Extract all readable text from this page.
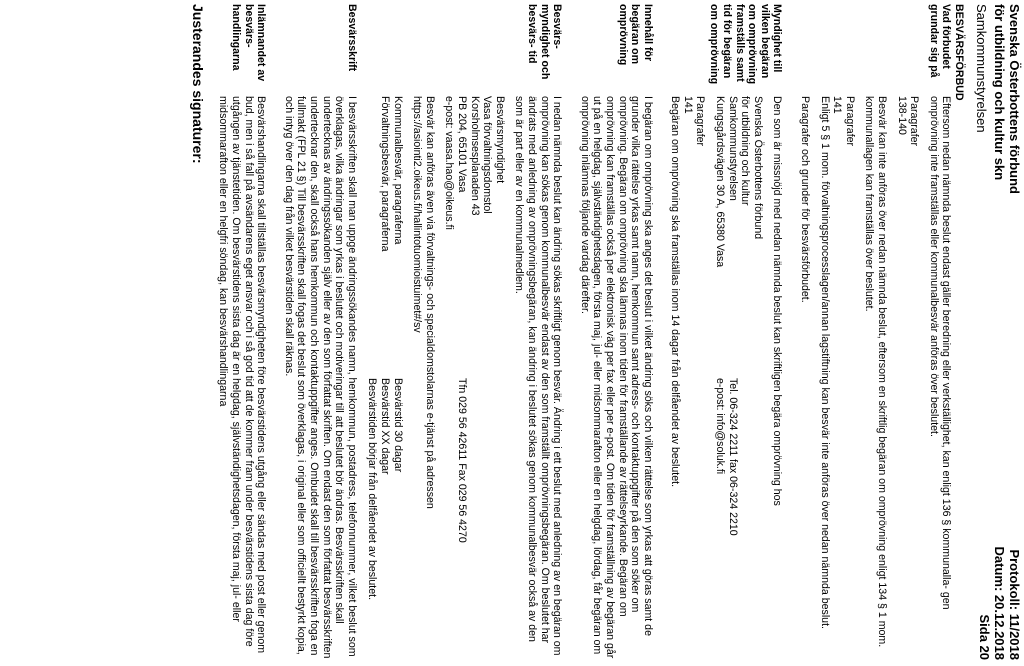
Svenska Österbottens förbund
för utbildning och kultur skn
Samkommunstyrelsen
Protokoll: 11/2018
Datum: 20.12.2018
Sida 20
BESVÄRSFÖRBUD
Vad förbudet grundar sig på

Eftersom nedan nämnda beslut endast gäller beredning eller verkställighet, kan enligt 136 § kommunalla- gen omprövning inte framställas eller kommunalbesvär anföras över beslutet.

Paragrafer

138-140

Besvär kan inte anföras över nedan nämnda beslut, eftersom en skriftlig begäran om omprövning enligt 134 § 1 mom. kommunallagen kan framställas över beslutet.

Paragrafer
141

Enligt 5 § 1 mom. förvaltningsprocesslagen/annan lagstiftning kan besvär inte anföras över nedan nämnda beslut.

Paragrafer och grunder för besvärsförbudet.

Myndighet till vilken begäran om omprövning framställs samt tid för begäran om omprövning

Den som är missnöjd med nedan nämnda beslut kan skriftligen begära omprövning hos

Svenska Österbottens förbund
för utbildning och kultur
Samkommunstyrelsen
Tel. 06-324 2211 fax 06-324 2210
Kungsgårdsvägen 30 A, 65380 Vasa
e-post: info@soluk.fi
Paragrafer
141

Begäran om omprövning ska framställas inom 14 dagar från delfåendet av beslutet.

Innehåll för begäran om omprövning

I begäran om omprövning ska anges det beslut i vilket ändring söks och vilken rättelse som yrkas att göras samt de grunder vilka rättelse yrkas samt namn, hemkommun samt adress- och kontaktuppgifter på den som söker om omprövning. Begäran om omprövning ska lämnas inom tiden för framställande av rättelseyrkande. Begäran om omprövning kan framställas också per elektronisk väg per fax eller per e-post. Om tiden för framställning av begäran går ut på en helgdag, självständighetsdagen, första maj, jul- eller midsommarafton eller en helgdag, lördag, får begäran om omprövning inlämnas följande vardag därefter.

Besvärs- myndighet och besvärs- tid

I nedan nämnda beslut kan ändring sökas skriftligt genom besvär. Ändring i ett beslut med anledning av en begäran om omprövning kan sökas genom kommunalbesvär endast av den som framställt omprövningsbegäran. Om beslutet har ändrats med anledning av omprövningsbegäran, kan ändring i beslutet sökas genom kommunalbesvär också av den som är part eller av en kommunalmedlem.

Besvärsmyndighet
Vasa förvaltningsdomstol
Korsholmsesplanaden 43
PB 204, 65101 Vasa
Tfn 029 56 42611 Fax 029 56 4270

e-post: vaasa.hao@oikeus.fi

Besvär kan anföras även via förvaltnings- och specialdomstolarnas e-tjänst på adressen https://asiointi2.oikeus.fi/hallintotuomioistuimet#/sv

Kommunalbesvär, paragraferna
Besvärstid 30 dagar
Förvaltningsbesvär, paragraferna
Besvärstid XX dagar
Besvärstiden börjar från delfåendet av beslutet.
Besvärsskrift

I besvärsskriften skall man uppge ändringssökandes namn, hemkommun, postadress, telefonnummer, vilket beslut som överklagas, vilka ändringar som yrkas i beslutet och motiveringar till att beslutet bör ändras. Besvärsskriften skall undertecknas av ändringssökanden själv eller av den som författat skriften. Om endast den som författat besvärsskriften undertecknar den, skall också hans hemkommun och kontaktuppgifter anges. Ombudet skall till besvärsskriften foga en fullmakt (FPL 21 §) Till besvärsskriften skall fogas det beslut som överklagas, i original eller som officiellt bestyrkt kopia, och intyg över den dag från vilket besvärstiden skall räknas.

Inlämnandet av besvärs- handlingarna

Besvärshandlingarna skall tillställas besvärsmyndigheten före besvärstidens utgång eller sändas med post eller genom bud, men i så fall på avsändarens eget ansvar och i så god tid att de kommer fram under besvärstidens sista dag före utgången av tjänstetiden. Om besvärstidens sista dag är en helgdag, självständighetsdagen, första maj, jul- eller midsommarafton eller en helgfri söndag, kan besvärshandlingarna

Justerandes signaturer:
